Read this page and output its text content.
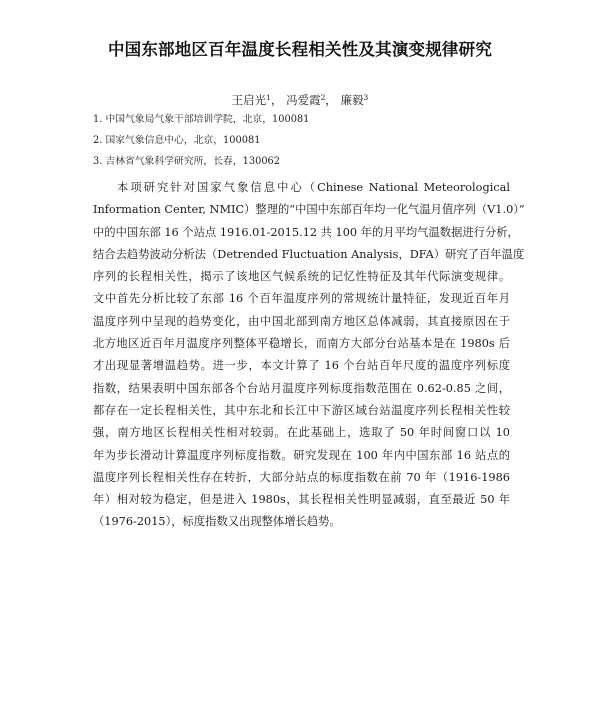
中国东部地区百年温度长程相关性及其演变规律研究
王启光$^1$， 冯爱霞$^2$， 廉毅$^3$
1. 中国气象局气象干部培训学院，北京，100081
2. 国家气象信息中心，北京，100081
3. 吉林省气象科学研究所，长春，130062
本项研究针对国家气象信息中心（Chinese National Meteorological
Information Center, NMIC）整理的“中国中东部百年均一化气温月值序列（V1.0）”
中的中国东部 16 个站点 1916.01-2015.12 共 100 年的月平均气温数据进行分析，
结合去趋势波动分析法（Detrended Fluctuation Analysis，DFA）研究了百年温度
序列的长程相关性，揭示了该地区气候系统的记忆性特征及其年代际演变规律。
文中首先分析比较了东部 16 个百年温度序列的常规统计量特征，发现近百年月
温度序列中呈现的趋势变化，由中国北部到南方地区总体减弱，其直接原因在于
北方地区近百年月温度序列整体平稳增长，而南方大部分台站基本是在 1980s 后
才出现显著增温趋势。进一步，本文计算了 16 个台站百年尺度的温度序列标度
指数，结果表明中国东部各个台站月温度序列标度指数范围在 0.62-0.85 之间，
都存在一定长程相关性，其中东北和长江中下游区域台站温度序列长程相关性较
强，南方地区长程相关性相对较弱。在此基础上，选取了 50 年时间窗口以 10
年为步长滑动计算温度序列标度指数。研究发现在 100 年内中国东部 16 站点的
温度序列长程相关性存在转折，大部分站点的标度指数在前 70 年（1916-1986
年）相对较为稳定，但是进入 1980s，其长程相关性明显减弱，直至最近 50 年
（1976-2015），标度指数又出现整体增长趋势。
